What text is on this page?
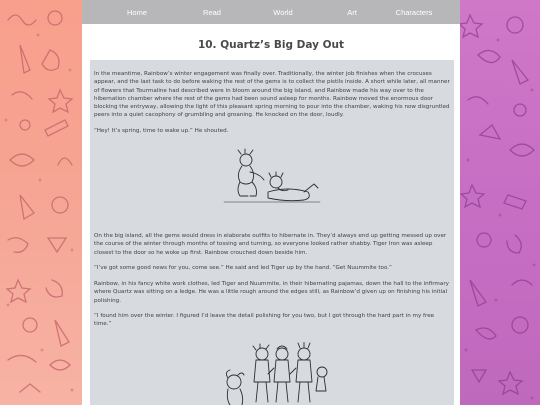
Home	Read	World	Art	Characters
10. Quartz’s Big Day Out

In the meantime, Rainbow’s winter engagement was finally over. Traditionally, the winter job finishes when the crocuses appear, and the last task to do before waking the rest of the gems is to collect the pistils inside. A short while later, all manner of flowers that Tourmaline had described were in bloom around the big island, and Rainbow made his way over to the hibernation chamber where the rest of the gems had been sound asleep for months. Rainbow moved the enormous door blocking the entryway, allowing the light of this pleasant spring morning to pour into the chamber, waking his now disgruntled peers into a quiet cacophony of grumbling and groaning. He knocked on the door, loudly.

“Hey! It’s spring, time to wake up.” He shouted.

On the big island, all the gems would dress in elaborate outfits to hibernate in. They’d always end up getting messed up over the course of the winter through months of tossing and turning, so everyone looked rather shabby. Tiger Iron was asleep closest to the door so he woke up first. Rainbow crouched down beside him.

“I’ve got some good news for you, come see.” He said and led Tiger up by the hand. “Get Nuummite too.”

Rainbow, in his fancy white work clothes, led Tiger and Nuummite, in their hibernating pajamas, down the hall to the infirmary where Quartz was sitting on a ledge. He was a little rough around the edges still, as Rainbow’d given up on finishing his initial polishing.

“I found him over the winter. I figured I’d leave the detail polishing for you two, but I got through the hard part in my free time.”
